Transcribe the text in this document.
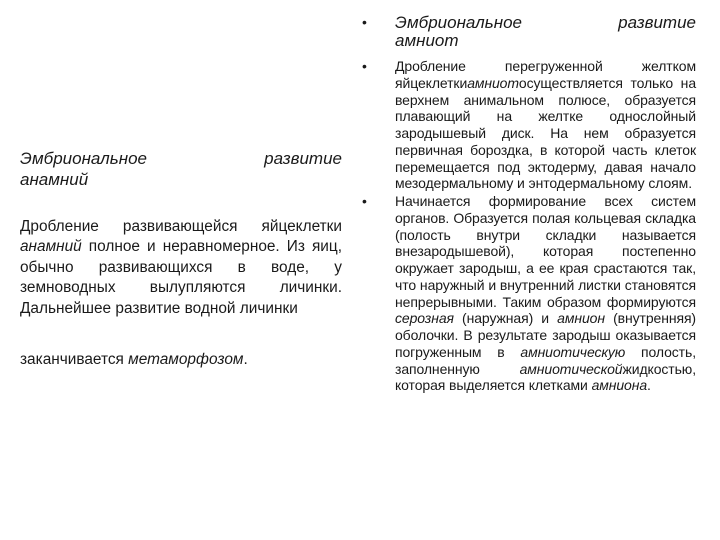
Эмбриональное развитие
анамний
Дробление развивающейся яйцеклетки анамний полное и неравномерное. Из яиц, обычно развивающихся в воде, у земноводных вылупляются личинки. Дальнейшее развитие водной личинки
заканчивается метаморфозом.
• Эмбриональное развитие
амниот
• Дробление перегруженной желтком яйцеклеткиамниотосуществляется только на верхнем анимальном полюсе, образуется плавающий на желтке однослойный зародышевый диск. На нем образуется первичная бороздка, в которой часть клеток перемещается под эктодерму, давая начало мезодермальному и энтодермальному слоям.
• Начинается формирование всех систем органов. Образуется полая кольцевая складка (полость внутри складки называется внезародышевой), которая постепенно окружает зародыш, а ее края срастаются так, что наружный и внутренний листки становятся непрерывными. Таким образом формируются серозная (наружная) и амнион (внутренняя) оболочки. В результате зародыш оказывается погруженным в амниотическую полость, заполненную амниотическойжидкостью, которая выделяется клетками амниона.
